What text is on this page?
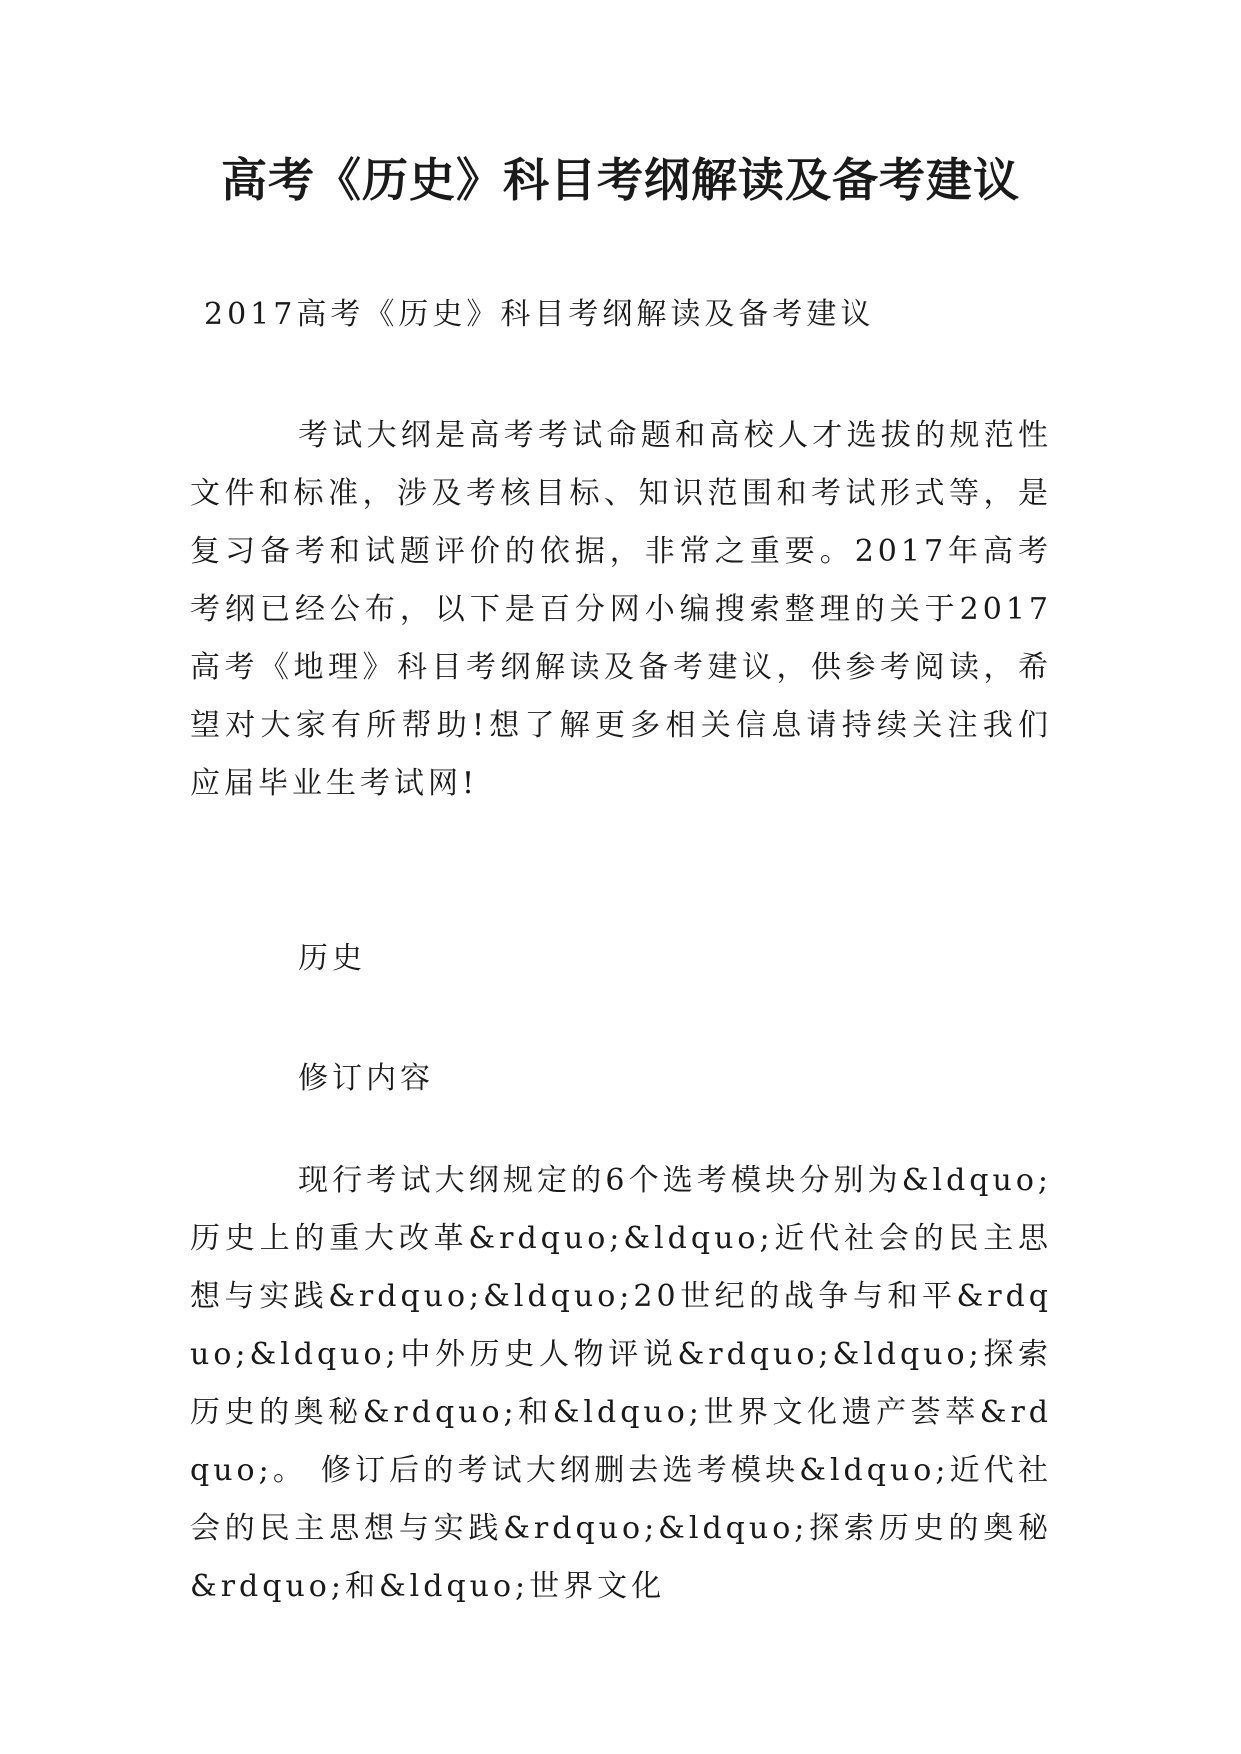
高考《历史》科目考纲解读及备考建议

2017高考《历史》科目考纲解读及备考建议

考试大纲是高考考试命题和高校人才选拔的规范性文件和标准，涉及考核目标、知识范围和考试形式等，是复习备考和试题评价的依据，非常之重要。2017年高考考纲已经公布，以下是百分网小编搜索整理的关于2017高考《地理》科目考纲解读及备考建议，供参考阅读，希望对大家有所帮助!想了解更多相关信息请持续关注我们应届毕业生考试网!

历史

修订内容

现行考试大纲规定的6个选考模块分别为&ldquo;历史上的重大改革&rdquo;&ldquo;近代社会的民主思想与实践&rdquo;&ldquo;20世纪的战争与和平&rdquo;&ldquo;中外历史人物评说&rdquo;&ldquo;探索历史的奥秘&rdquo;和&ldquo;世界文化遗产荟萃&rdquo;。 修订后的考试大纲删去选考模块&ldquo;近代社会的民主思想与实践&rdquo;&ldquo;探索历史的奥秘&rdquo;和&ldquo;世界文化
